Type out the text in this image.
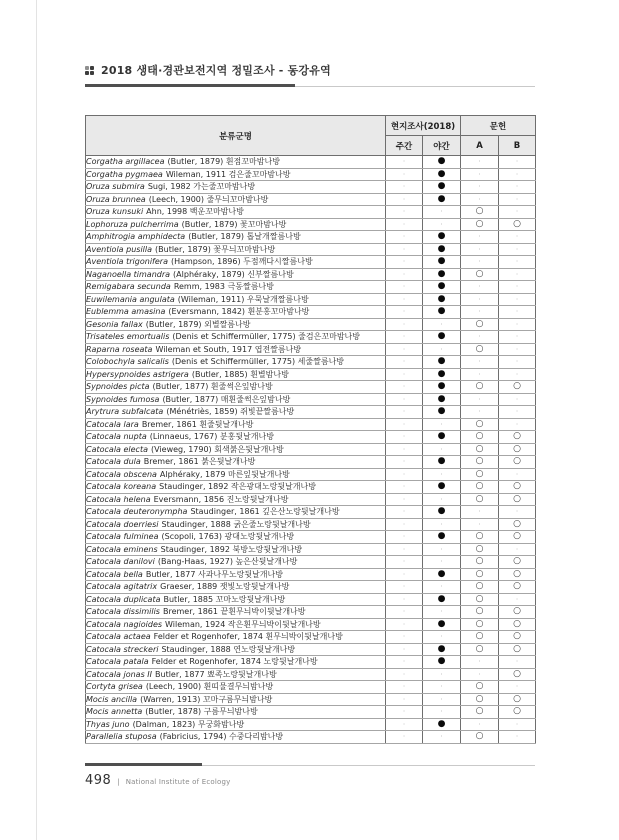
2018 생태·경관보전지역 정밀조사 - 동강유역
분류군명	현지조사(2018)		문헌	
	주간	야간	A	B
Corgatha argillacea (Butler, 1879) 흰점꼬마밤나방	·	●	·	·
Corgatha pygmaea Wileman, 1911 검은줄꼬마밤나방	·	●	·	·
Oruza submira Sugi, 1982 가는줄꼬마밤나방	·	●	·	·
Oruza brunnea (Leech, 1900) 줄무늬꼬마밤나방	·	●	·	·
Oruza kunsuki Ahn, 1998 백운꼬마밤나방	·	·	○	·
Lophoruza pulcherrima (Butler, 1879) 꽃꼬마밤나방	·	·	○	○
Amphitrogia amphidecta (Butler, 1879) 톱날개짤름나방	·	●	·	·
Aventiola pusilla (Butler, 1879) 꽃무늬꼬마밤나방	·	●	·	·
Aventiola trigonifera (Hampson, 1896) 두점깨다시짤름나방	·	●	·	·
Naganoella timandra (Alphéraky, 1879) 신부짤름나방	·	●	○	·
Remigabara secunda Remm, 1983 극동짤름나방	·	●	·	·
Euwilemania angulata (Wileman, 1911) 우묵날개짤름나방	·	●	·	·
Eublemma amasina (Eversmann, 1842) 흰분홍꼬마밤나방	·	●	·	·
Gesonia fallax (Butler, 1879) 외별짤름나방	·	·	○	·
Trisateles emortualis (Denis et Schiffermüller, 1775) 줄검은꼬마밤나방	·	●	·	·
Raparna roseata Wileman et South, 1917 엽전짤름나방	·	·	○	·
Colobochyla salicalis (Denis et Schiffermüller, 1775) 세줄짤름나방	·	●	·	·
Hypersypnoides astrigera (Butler, 1885) 흰별밤나방	·	●	·	·
Sypnoides picta (Butler, 1877) 흰줄썩은잎밤나방	·	●	○	○
Sypnoides fumosa (Butler, 1877) 매흰줄썩은잎밤나방	·	●	·	·
Arytrura subfalcata (Ménétriès, 1859) 쥐빛끝짤름나방	·	●	·	·
Catocala lara Bremer, 1861 흰줄뒷날개나방	·	·	○	·
Catocala nupta (Linnaeus, 1767) 분홍뒷날개나방	·	●	○	○
Catocala electa (Vieweg, 1790) 회색붉은뒷날개나방	·	·	○	○
Catocala dula Bremer, 1861 붉은뒷날개나방	·	●	○	○
Catocala obscena Alphéraky, 1879 마른잎뒷날개나방	·	·	○	·
Catocala koreana Staudinger, 1892 작은광대노랑뒷날개나방	·	●	○	○
Catocala helena Eversmann, 1856 진노랑뒷날개나방	·	·	○	○
Catocala deuteronympha Staudinger, 1861 깊은산노랑뒷날개나방	·	●	·	·
Catocala doerriesi Staudinger, 1888 굵은줄노랑뒷날개나방	·	·	·	○
Catocala fulminea (Scopoli, 1763) 광대노랑뒷날개나방	·	●	○	○
Catocala eminens Staudinger, 1892 북방노랑뒷날개나방	·	·	○	·
Catocala danilovi (Bang-Haas, 1927) 높은산뒷날개나방	·	·	○	○
Catocala bella Butler, 1877 사과나무노랑뒷날개나방	·	●	○	○
Catocala agitatrix Graeser, 1889 잿빛노랑뒷날개나방	·	·	○	○
Catocala duplicata Butler, 1885 꼬마노랑뒷날개나방	·	●	○	·
Catocala dissimilis Bremer, 1861 끝흰무늬박이뒷날개나방	·	·	○	○
Catocala nagioides Wileman, 1924 작은흰무늬박이뒷날개나방	·	●	○	○
Catocala actaea Felder et Rogenhofer, 1874 흰무늬박이뒷날개나방	·	·	○	○
Catocala streckeri Staudinger, 1888 연노랑뒷날개나방	·	●	○	○
Catocala patala Felder et Rogenhofer, 1874 노랑뒷날개나방	·	●	·	·
Catocala jonas II Butler, 1877 뾰족노랑뒷날개나방	·	·	·	○
Cortyta grisea (Leech, 1900) 흰띠물결무늬밤나방	·	·	○	·
Mocis ancilla (Warren, 1913) 꼬마구름무늬밤나방	·	·	○	○
Mocis annetta (Butler, 1878) 구름무늬밤나방	·	·	○	○
Thyas juno (Dalman, 1823) 무궁화밤나방	·	●	·	·
Parallelia stuposa (Fabricius, 1794) 수중다리밤나방	·	·	○	·
498 | National Institute of Ecology
